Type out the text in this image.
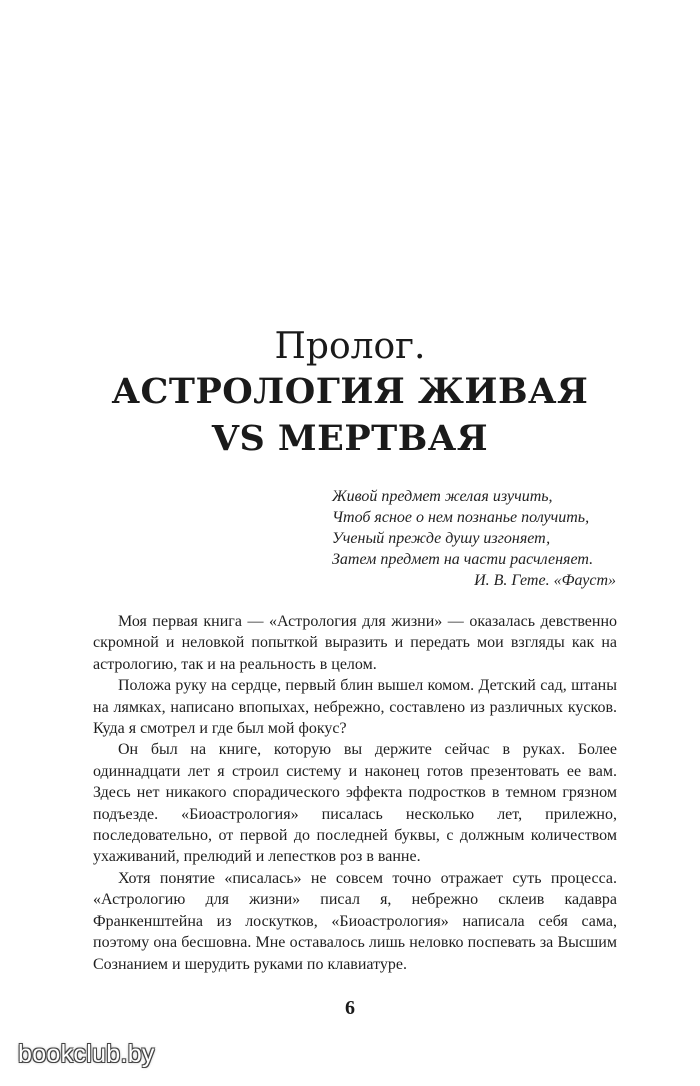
Пролог.
АСТРОЛОГИЯ ЖИВАЯ
VS МЕРТВАЯ
Живой предмет желая изучить,
Чтоб ясное о нем познанье получить,
Ученый прежде душу изгоняет,
Затем предмет на части расчленяет.
И. В. Гете. «Фауст»

Моя первая книга — «Астрология для жизни» — оказалась девственно скромной и неловкой попыткой выразить и передать мои взгляды как на астрологию, так и на реальность в целом.

Положа руку на сердце, первый блин вышел комом. Детский сад, штаны на лямках, написано впопыхах, небрежно, составлено из различных кусков. Куда я смотрел и где был мой фокус?

Он был на книге, которую вы держите сейчас в руках. Более одиннадцати лет я строил систему и наконец готов презентовать ее вам. Здесь нет никакого спорадического эффекта подростков в темном грязном подъезде. «Биоастрология» писалась несколько лет, прилежно, последовательно, от первой до последней буквы, с должным количеством ухаживаний, прелюдий и лепестков роз в ванне.

Хотя понятие «писалась» не совсем точно отражает суть процесса. «Астрологию для жизни» писал я, небрежно склеив кадавра Франкенштейна из лоскутков, «Биоастрология» написала себя сама, поэтому она бесшовна. Мне оставалось лишь неловко поспевать за Высшим Сознанием и шерудить руками по клавиатуре.

6
bookclub.by
